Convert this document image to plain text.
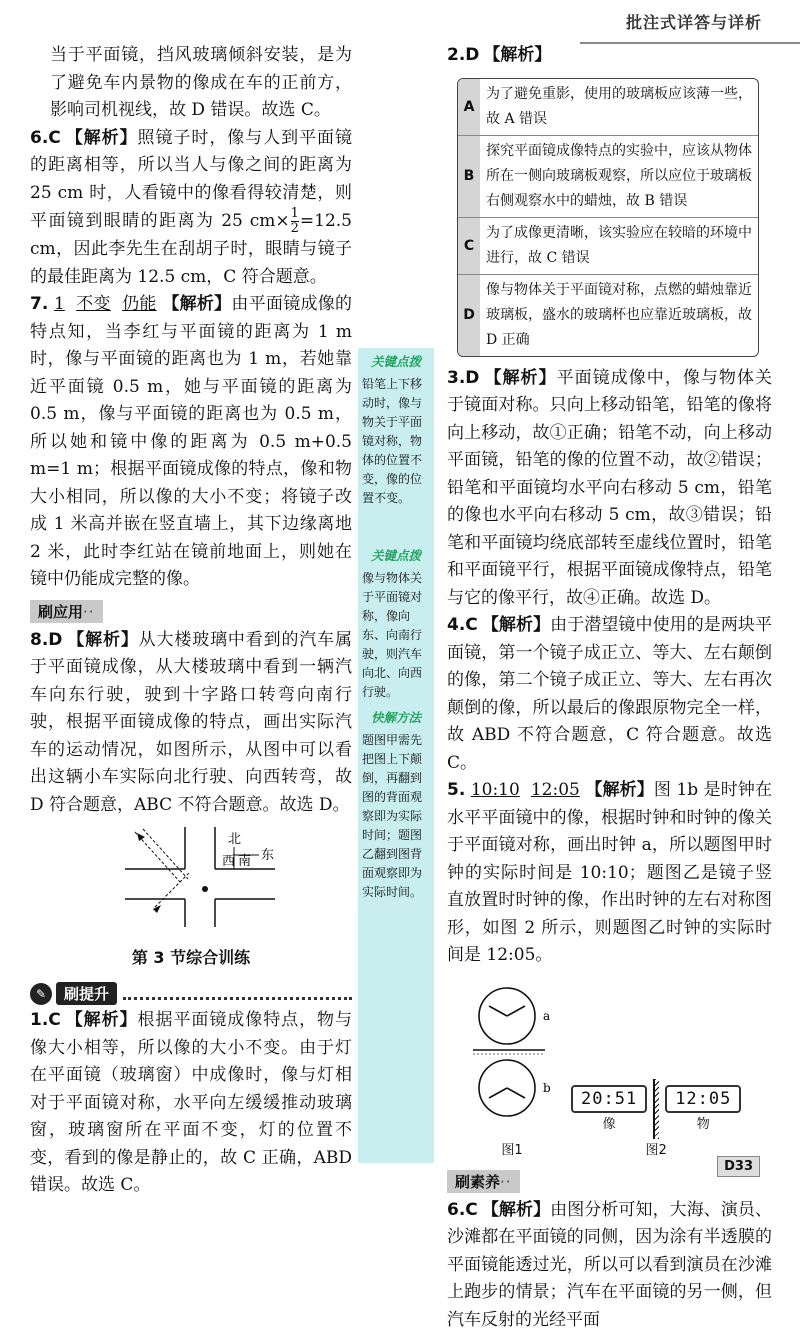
批注式详答与详析

当于平面镜，挡风玻璃倾斜安装，是为了避免车内景物的像成在车的正前方，影响司机视线，故 D 错误。故选 C。

6.C 【解析】照镜子时，像与人到平面镜的距离相等，所以当人与像之间的距离为 25 cm 时，人看镜中的像看得较清楚，则平面镜到眼睛的距离为 25 $cm\times \frac{1}{2} =12.5$ cm，因此李先生在刮胡子时，眼睛与镜子的最佳距离为 12.5 cm，C 符合题意。

7. 1 不变 仍能 【解析】由平面镜成像的特点知，当李红与平面镜的距离为 1 m 时，像与平面镜的距离也为 1 m，若她靠近平面镜 0.5 m，她与平面镜的距离为 0.5 m，像与平面镜的距离也为 0.5 m，所以她和镜中像的距离为 0.5 m+0.5 m=1 m；根据平面镜成像的特点，像和物大小相同，所以像的大小不变；将镜子改成 1 米高并嵌在竖直墙上，其下边缘离地 2 米，此时李红站在镜前地面上，则她在镜中仍能成完整的像。

刷应用··

8.D 【解析】从大楼玻璃中看到的汽车属于平面镜成像，从大楼玻璃中看到一辆汽车向东行驶，驶到十字路口转弯向南行驶，根据平面镜成像的特点，画出实际汽车的运动情况，如图所示，从图中可以看出这辆小车实际向北行驶、向西转弯，故 D 符合题意，ABC 不符合题意。故选 D。

北
西 南 东
第 3 节综合训练
✎	刷提升

1.C 【解析】根据平面镜成像特点，物与像大小相等，所以像的大小不变。由于灯在平面镜（玻璃窗）中成像时，像与灯相对于平面镜对称，水平向左缓缓推动玻璃窗，玻璃窗所在平面不变，灯的位置不变，看到的像是静止的，故 C 正确，ABD 错误。故选 C。

关键点拨
铅笔上下移动时，像与物关于平面镜对称，物体的位置不变，像的位置不变。
关键点拨
像与物体关于平面镜对称，像向东、向南行驶，则汽车向北、向西行驶。
快解方法
题图甲需先把图上下颠倒，再翻到图的背面观察即为实际时间；题图乙翻到图背面观察即为实际时间。

2.D 【解析】

A
为了避免重影，使用的玻璃板应该薄一些，故 A 错误
B
探究平面镜成像特点的实验中，应该从物体所在一侧向玻璃板观察，所以应位于玻璃板右侧观察水中的蜡烛，故 B 错误
C
为了成像更清晰，该实验应在较暗的环境中进行，故 C 错误
D
像与物体关于平面镜对称，点燃的蜡烛靠近玻璃板，盛水的玻璃杯也应靠近玻璃板，故 D 正确

3.D 【解析】平面镜成像中，像与物体关于镜面对称。只向上移动铅笔，铅笔的像将向上移动，故①正确；铅笔不动，向上移动平面镜，铅笔的像的位置不动，故②错误；铅笔和平面镜均水平向右移动 5 cm，铅笔的像也水平向右移动 5 cm，故③错误；铅笔和平面镜均绕底部转至虚线位置时，铅笔和平面镜平行，根据平面镜成像特点，铅笔与它的像平行，故④正确。故选 D。

4.C 【解析】由于潜望镜中使用的是两块平面镜，第一个镜子成正立、等大、左右颠倒的像，第二个镜子成正立、等大、左右再次颠倒的像，所以最后的像跟原物完全一样，故 ABD 不符合题意，C 符合题意。故选 C。

5. 10:10 12:05 【解析】图 1b 是时钟在水平平面镜中的像，根据时钟和时钟的像关于平面镜对称，画出时钟 a，所以题图甲时钟的实际时间是 10:10；题图乙是镜子竖直放置时时钟的像，作出时钟的左右对称图形，如图 2 所示，则题图乙时钟的实际时间是 12:05。

a
b
图1
20:51
像
12:05
物
图2
刷素养··

6.C 【解析】由图分析可知，大海、演员、沙滩都在平面镜的同侧，因为涂有半透膜的平面镜能透过光，所以可以看到演员在沙滩上跑步的情景；汽车在平面镜的另一侧，但汽车反射的光经平面

D33
